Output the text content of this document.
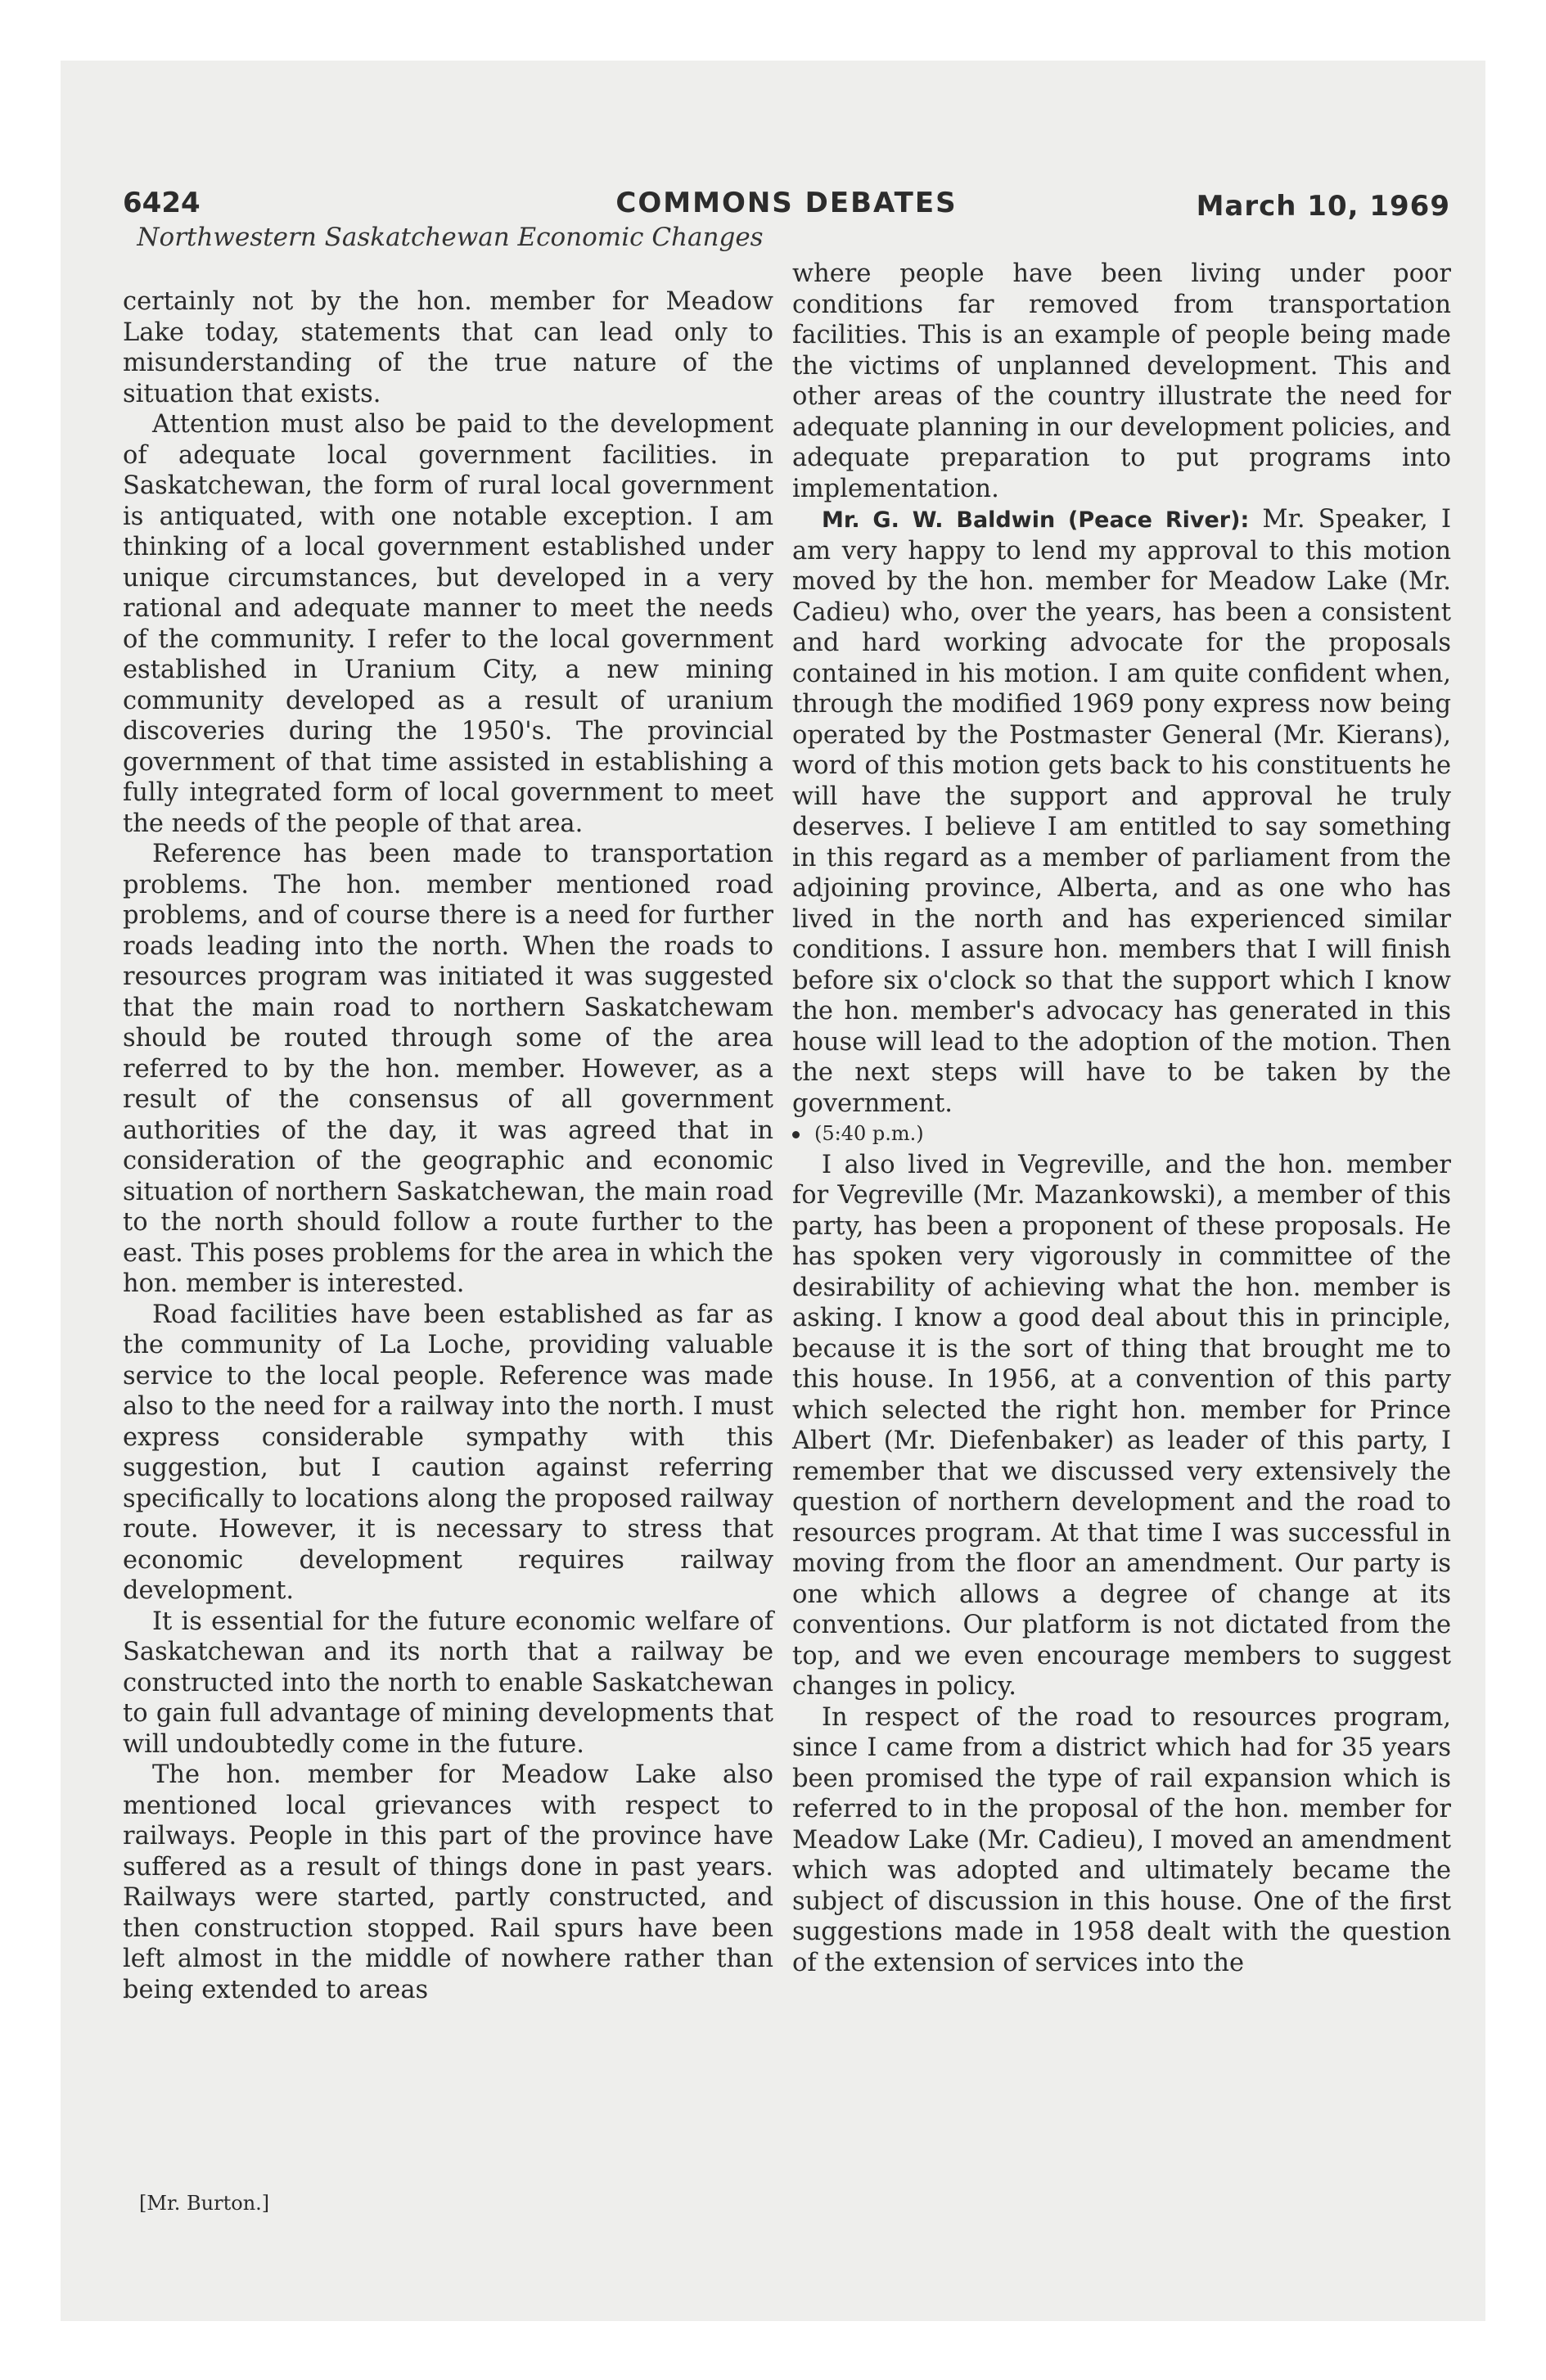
6424	COMMONS DEBATES	March 10, 1969
Northwestern Saskatchewan Economic Changes

certainly not by the hon. member for Meadow Lake today, statements that can lead only to misunderstanding of the true nature of the situation that exists.

Attention must also be paid to the development of adequate local government facilities. in Saskatchewan, the form of rural local government is antiquated, with one notable exception. I am thinking of a local government established under unique circumstances, but developed in a very rational and adequate manner to meet the needs of the community. I refer to the local government established in Uranium City, a new mining community developed as a result of uranium discoveries during the 1950's. The provincial government of that time assisted in establishing a fully integrated form of local government to meet the needs of the people of that area.

Reference has been made to transportation problems. The hon. member mentioned road problems, and of course there is a need for further roads leading into the north. When the roads to resources program was initiated it was suggested that the main road to northern Saskatchewam should be routed through some of the area referred to by the hon. member. However, as a result of the consensus of all government authorities of the day, it was agreed that in consideration of the geographic and economic situation of northern Saskatchewan, the main road to the north should follow a route further to the east. This poses problems for the area in which the hon. member is interested.

Road facilities have been established as far as the community of La Loche, providing valuable service to the local people. Reference was made also to the need for a railway into the north. I must express considerable sympathy with this suggestion, but I caution against referring specifically to locations along the proposed railway route. However, it is necessary to stress that economic development requires railway development.

It is essential for the future economic welfare of Saskatchewan and its north that a railway be constructed into the north to enable Saskatchewan to gain full advantage of mining developments that will undoubtedly come in the future.

The hon. member for Meadow Lake also mentioned local grievances with respect to railways. People in this part of the province have suffered as a result of things done in past years. Railways were started, partly constructed, and then construction stopped. Rail spurs have been left almost in the middle of nowhere rather than being extended to areas

[Mr. Burton.]

where people have been living under poor conditions far removed from transportation facilities. This is an example of people being made the victims of unplanned development. This and other areas of the country illustrate the need for adequate planning in our development policies, and adequate preparation to put programs into implementation.

Mr. G. W. Baldwin (Peace River): Mr. Speaker, I am very happy to lend my approval to this motion moved by the hon. member for Meadow Lake (Mr. Cadieu) who, over the years, has been a consistent and hard working advocate for the proposals contained in his motion. I am quite confident when, through the modified 1969 pony express now being operated by the Postmaster General (Mr. Kierans), word of this motion gets back to his constituents he will have the support and approval he truly deserves. I believe I am entitled to say something in this regard as a member of parliament from the adjoining province, Alberta, and as one who has lived in the north and has experienced similar conditions. I assure hon. members that I will finish before six o'clock so that the support which I know the hon. member's advocacy has generated in this house will lead to the adoption of the motion. Then the next steps will have to be taken by the government.

(5:40 p.m.)

I also lived in Vegreville, and the hon. member for Vegreville (Mr. Mazankowski), a member of this party, has been a proponent of these proposals. He has spoken very vigorously in committee of the desirability of achieving what the hon. member is asking. I know a good deal about this in principle, because it is the sort of thing that brought me to this house. In 1956, at a convention of this party which selected the right hon. member for Prince Albert (Mr. Diefenbaker) as leader of this party, I remember that we discussed very extensively the question of northern development and the road to resources program. At that time I was successful in moving from the floor an amendment. Our party is one which allows a degree of change at its conventions. Our platform is not dictated from the top, and we even encourage members to suggest changes in policy.

In respect of the road to resources program, since I came from a district which had for 35 years been promised the type of rail expansion which is referred to in the proposal of the hon. member for Meadow Lake (Mr. Cadieu), I moved an amendment which was adopted and ultimately became the subject of discussion in this house. One of the first suggestions made in 1958 dealt with the question of the extension of services into the
